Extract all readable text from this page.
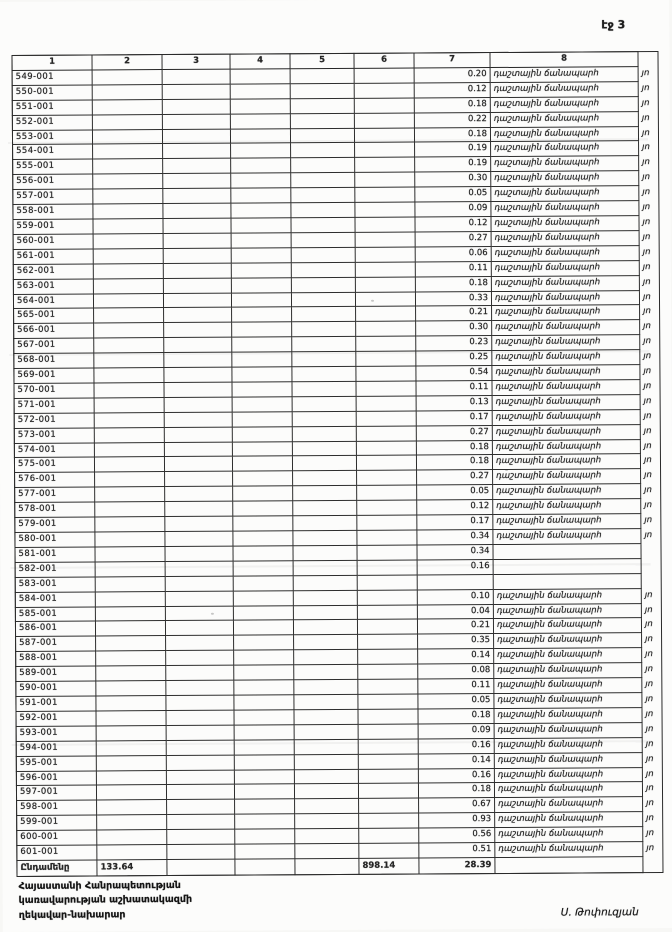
էջ 3
1	2	3	4	5	6	7	8	
549-001						0.20	դաշտային ճանապարհ	յո
550-001						0.12	դաշտային ճանապարհ	յո
551-001						0.18	դաշտային ճանապարհ	յո
552-001						0.22	դաշտային ճանապարհ	յո
553-001						0.18	դաշտային ճանապարհ	յո
554-001						0.19	դաշտային ճանապարհ	յո
555-001						0.19	դաշտային ճանապարհ	յո
556-001						0.30	դաշտային ճանապարհ	յո
557-001						0.05	դաշտային ճանապարհ	յո
558-001						0.09	դաշտային ճանապարհ	յո
559-001						0.12	դաշտային ճանապարհ	յո
560-001						0.27	դաշտային ճանապարհ	յո
561-001						0.06	դաշտային ճանապարհ	յո
562-001						0.11	դաշտային ճանապարհ	յո
563-001						0.18	դաշտային ճանապարհ	յո
564-001						0.33	դաշտային ճանապարհ	յո
565-001						0.21	դաշտային ճանապարհ	յո
566-001						0.30	դաշտային ճանապարհ	յո
567-001						0.23	դաշտային ճանապարհ	յո
568-001						0.25	դաշտային ճանապարհ	յո
569-001						0.54	դաշտային ճանապարհ	յո
570-001						0.11	դաշտային ճանապարհ	յո
571-001						0.13	դաշտային ճանապարհ	յո
572-001						0.17	դաշտային ճանապարհ	յո
573-001						0.27	դաշտային ճանապարհ	յո
574-001						0.18	դաշտային ճանապարհ	յո
575-001						0.18	դաշտային ճանապարհ	յո
576-001						0.27	դաշտային ճանապարհ	յո
577-001						0.05	դաշտային ճանապարհ	յո
578-001						0.12	դաշտային ճանապարհ	յո
579-001						0.17	դաշտային ճանապարհ	յո
580-001						0.34	դաշտային ճանապարհ	յո
581-001						0.34		
582-001						0.16		
583-001								
584-001						0.10	դաշտային ճանապարհ	յո
585-001						0.04	դաշտային ճանապարհ	յո
586-001						0.21	դաշտային ճանապարհ	յո
587-001						0.35	դաշտային ճանապարհ	յո
588-001						0.14	դաշտային ճանապարհ	յո
589-001						0.08	դաշտային ճանապարհ	յո
590-001						0.11	դաշտային ճանապարհ	յո
591-001						0.05	դաշտային ճանապարհ	յո
592-001						0.18	դաշտային ճանապարհ	յո
593-001						0.09	դաշտային ճանապարհ	յո
594-001						0.16	դաշտային ճանապարհ	յո
595-001						0.14	դաշտային ճանապարհ	յո
596-001						0.16	դաշտային ճանապարհ	յո
597-001						0.18	դաշտային ճանապարհ	յո
598-001						0.67	դաշտային ճանապարհ	յո
599-001						0.93	դաշտային ճանապարհ	յո
600-001						0.56	դաշտային ճանապարհ	յո
601-001						0.51	դաշտային ճանապարհ	յո
Ընդամենը	133.64				898.14	28.39		
Հայաստանի Հանրապետության
կառավարության աշխատակազմի
ղեկավար-նախարար	Ս. Թոփուզյան
